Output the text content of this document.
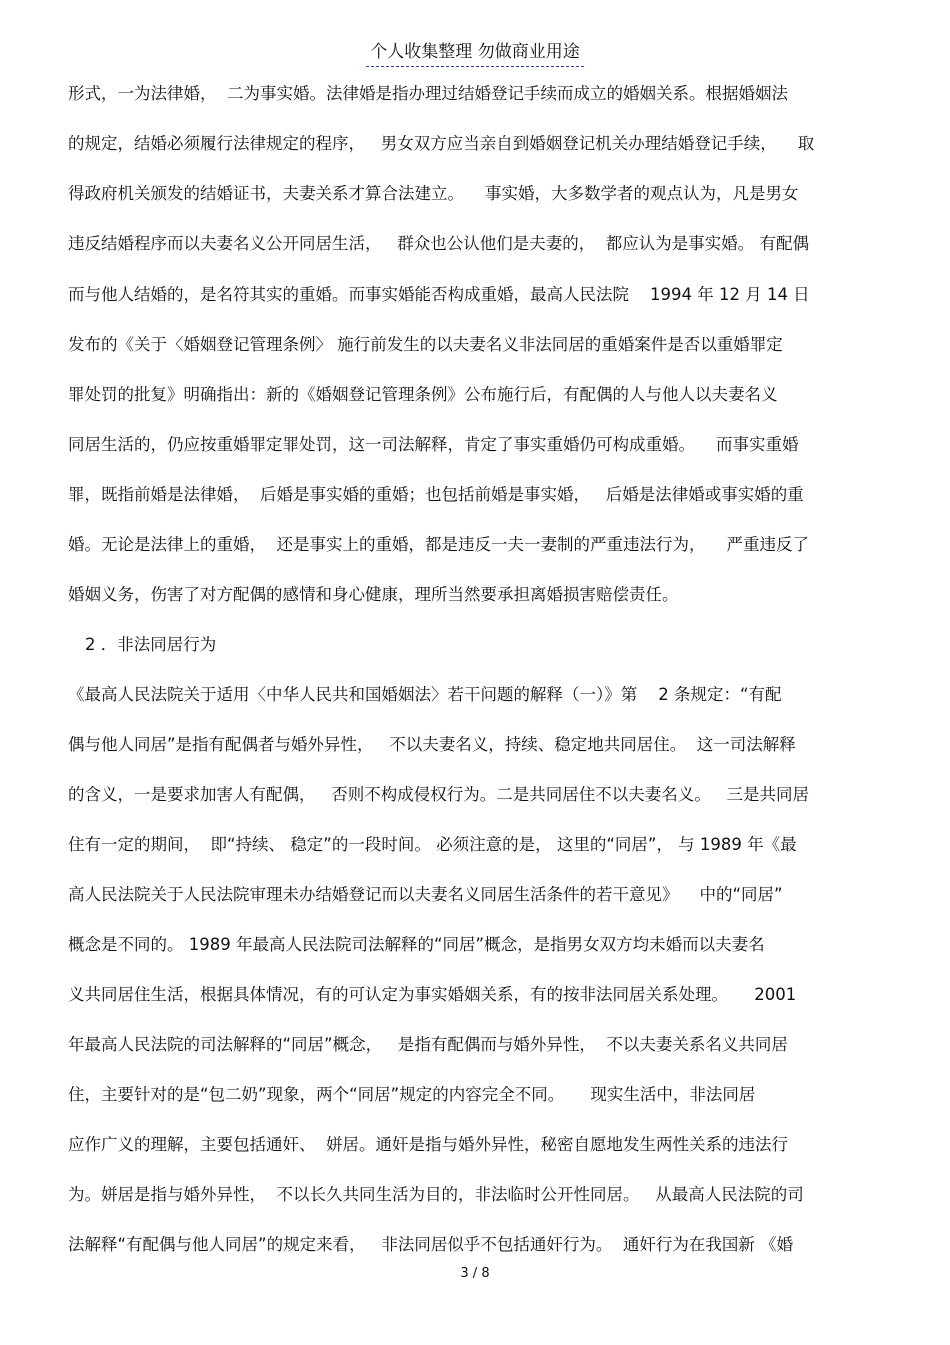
个人收集整理 勿做商业用途
形式，一为法律婚，  二为事实婚。法律婚是指办理过结婚登记手续而成立的婚姻关系。根据婚姻法
的规定，结婚必须履行法律规定的程序，   男女双方应当亲自到婚姻登记机关办理结婚登记手续，    取
得政府机关颁发的结婚证书，夫妻关系才算合法建立。    事实婚，大多数学者的观点认为，凡是男女
违反结婚程序而以夫妻名义公开同居生活，   群众也公认他们是夫妻的，  都应认为是事实婚。 有配偶
而与他人结婚的，是名符其实的重婚。而事实婚能否构成重婚，最高人民法院    1994 年 12 月 14 日
发布的《关于〈婚姻登记管理条例〉 施行前发生的以夫妻名义非法同居的重婚案件是否以重婚罪定
罪处罚的批复》明确指出：新的《婚姻登记管理条例》公布施行后，有配偶的人与他人以夫妻名义
同居生活的，仍应按重婚罪定罪处罚，这一司法解释，肯定了事实重婚仍可构成重婚。    而事实重婚
罪，既指前婚是法律婚，  后婚是事实婚的重婚；也包括前婚是事实婚，   后婚是法律婚或事实婚的重
婚。无论是法律上的重婚，  还是事实上的重婚，都是违反一夫一妻制的严重违法行为，    严重违反了
婚姻义务，伤害了对方配偶的感情和身心健康，理所当然要承担离婚损害赔偿责任。
2 ．非法同居行为
《最高人民法院关于适用〈中华人民共和国婚姻法〉若干问题的解释（一）》第    2 条规定：“有配
偶与他人同居”是指有配偶者与婚外异性，   不以夫妻名义，持续、稳定地共同居住。  这一司法解释
的含义，一是要求加害人有配偶，   否则不构成侵权行为。二是共同居住不以夫妻名义。   三是共同居
住有一定的期间，  即“持续、 稳定”的一段时间。 必须注意的是， 这里的“同居”， 与 1989 年《最
高人民法院关于人民法院审理未办结婚登记而以夫妻名义同居生活条件的若干意见》    中的“同居”
概念是不同的。 1989 年最高人民法院司法解释的“同居”概念，是指男女双方均未婚而以夫妻名
义共同居住生活，根据具体情况，有的可认定为事实婚姻关系，有的按非法同居关系处理。     2001
年最高人民法院的司法解释的“同居”概念，   是指有配偶而与婚外异性，  不以夫妻关系名义共同居
住，主要针对的是“包二奶”现象，两个“同居”规定的内容完全不同。     现实生活中，非法同居
应作广义的理解，主要包括通奸、  姘居。通奸是指与婚外异性，秘密自愿地发生两性关系的违法行
为。姘居是指与婚外异性，  不以长久共同生活为目的，非法临时公开性同居。   从最高人民法院的司
法解释“有配偶与他人同居”的规定来看，   非法同居似乎不包括通奸行为。  通奸行为在我国新 《婚
3 / 8
